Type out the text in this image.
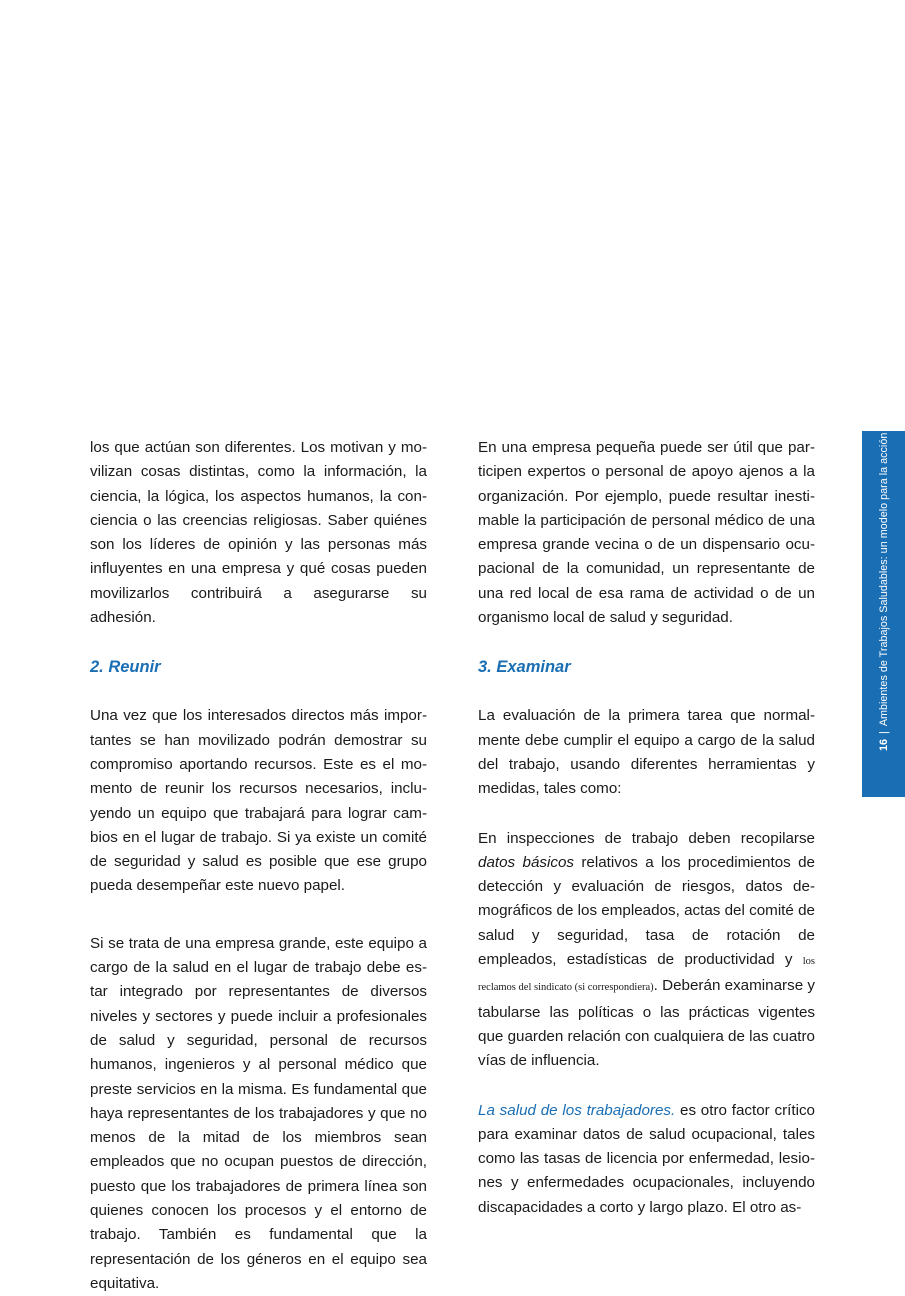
los que actúan son diferentes. Los motivan y movilizan cosas distintas, como la información, la ciencia, la lógica, los aspectos humanos, la conciencia o las creencias religiosas. Saber quiénes son los líderes de opinión y las personas más influyentes en una empresa y qué cosas pueden movilizarlos contribuirá a asegurarse su adhesión.

2. Reunir

Una vez que los interesados directos más importantes se han movilizado podrán demostrar su compromiso aportando recursos. Este es el momento de reunir los recursos necesarios, incluyendo un equipo que trabajará para lograr cambios en el lugar de trabajo. Si ya existe un comité de seguridad y salud es posible que ese grupo pueda desempeñar este nuevo papel.

Si se trata de una empresa grande, este equipo a cargo de la salud en el lugar de trabajo debe estar integrado por representantes de diversos niveles y sectores y puede incluir a profesionales de salud y seguridad, personal de recursos humanos, ingenieros y al personal médico que preste servicios en la misma. Es fundamental que haya representantes de los trabajadores y que no menos de la mitad de los miembros sean empleados que no ocupan puestos de dirección, puesto que los trabajadores de primera línea son quienes conocen los procesos y el entorno de trabajo. También es fundamental que la representación de los géneros en el equipo sea equitativa.

En una empresa pequeña puede ser útil que participen expertos o personal de apoyo ajenos a la organización. Por ejemplo, puede resultar inestimable la participación de personal médico de una empresa grande vecina o de un dispensario ocupacional de la comunidad, un representante de una red local de esa rama de actividad o de un organismo local de salud y seguridad.

3. Examinar

La evaluación de la primera tarea que normalmente debe cumplir el equipo a cargo de la salud del trabajo, usando diferentes herramientas y medidas, tales como:

En inspecciones de trabajo deben recopilarse datos básicos relativos a los procedimientos de detección y evaluación de riesgos, datos demográficos de los empleados, actas del comité de salud y seguridad, tasa de rotación de empleados, estadísticas de productividad y los reclamos del sindicato (si correspondiera). Deberán examinarse y tabularse las políticas o las prácticas vigentes que guarden relación con cualquiera de las cuatro vías de influencia.

La salud de los trabajadores. es otro factor crítico para examinar datos de salud ocupacional, tales como las tasas de licencia por enfermedad, lesiones y enfermedades ocupacionales, incluyendo discapacidades a corto y largo plazo. El otro as-

16|Ambientes de Trabajos Saludables: un modelo para la acción
